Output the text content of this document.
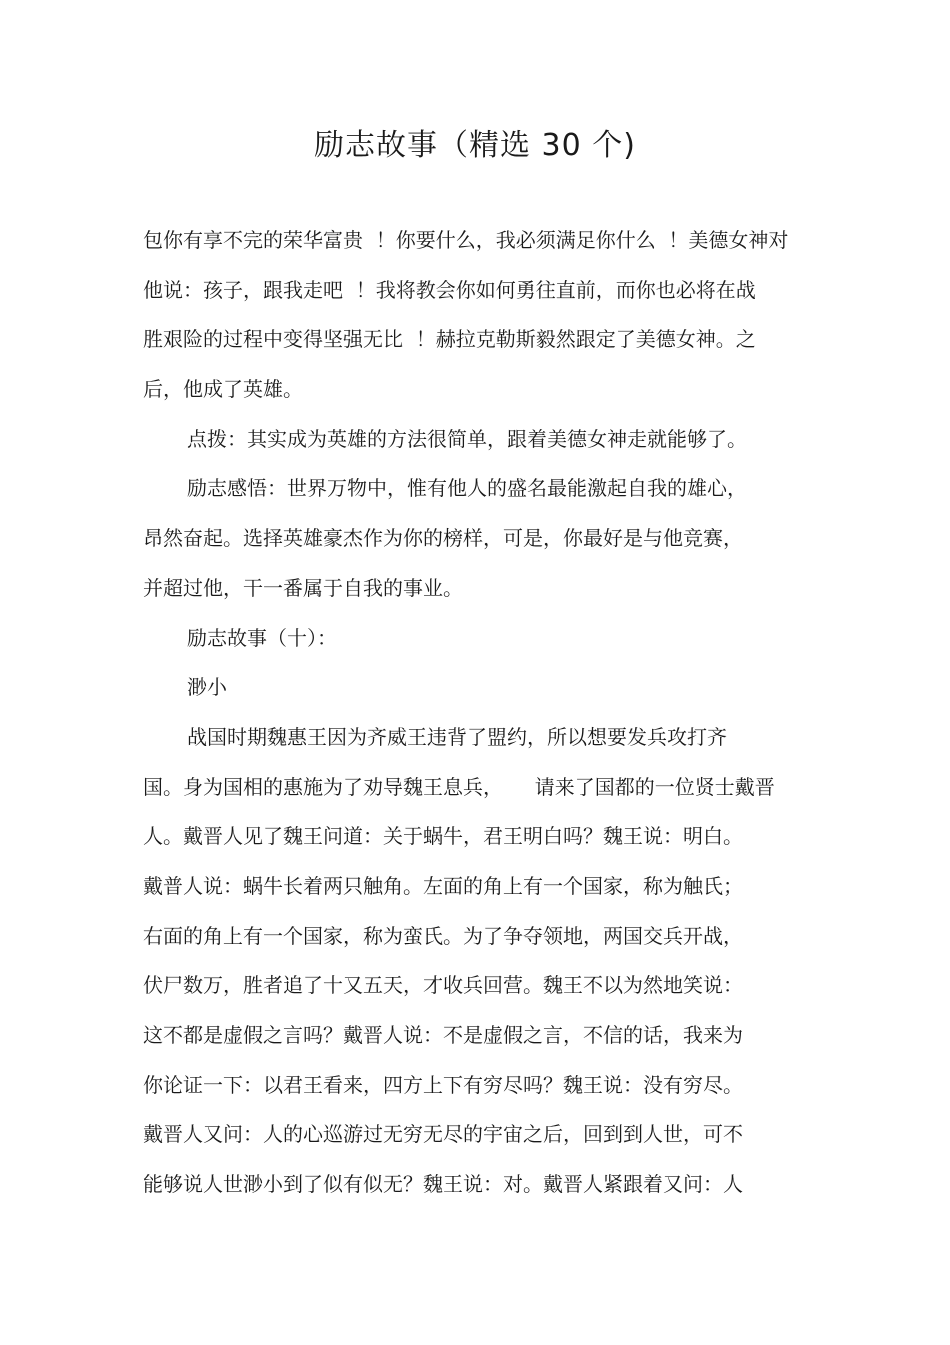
励志故事（精选 30 个)

包你有享不完的荣华富贵  ！你要什么，我必须满足你什么  ！美德女神对

他说：孩子，跟我走吧  ！我将教会你如何勇往直前，而你也必将在战

胜艰险的过程中变得坚强无比  ！赫拉克勒斯毅然跟定了美德女神。之

后，他成了英雄。

点拨：其实成为英雄的方法很简单，跟着美德女神走就能够了。

励志感悟：世界万物中，惟有他人的盛名最能激起自我的雄心，

昂然奋起。选择英雄豪杰作为你的榜样，可是，你最好是与他竞赛，

并超过他，干一番属于自我的事业。

励志故事（十）：

渺小

战国时期魏惠王因为齐威王违背了盟约，所以想要发兵攻打齐

国。身为国相的惠施为了劝导魏王息兵，     请来了国都的一位贤士戴晋

人。戴晋人见了魏王问道：关于蜗牛，君王明白吗？魏王说：明白。

戴普人说：蜗牛长着两只触角。左面的角上有一个国家，称为触氏；

右面的角上有一个国家，称为蛮氏。为了争夺领地，两国交兵开战，

伏尸数万，胜者追了十又五天，才收兵回营。魏王不以为然地笑说：

这不都是虚假之言吗？戴晋人说：不是虚假之言，不信的话，我来为

你论证一下：以君王看来，四方上下有穷尽吗？魏王说：没有穷尽。

戴晋人又问：人的心巡游过无穷无尽的宇宙之后，回到到人世，可不

能够说人世渺小到了似有似无？魏王说：对。戴晋人紧跟着又问：人
